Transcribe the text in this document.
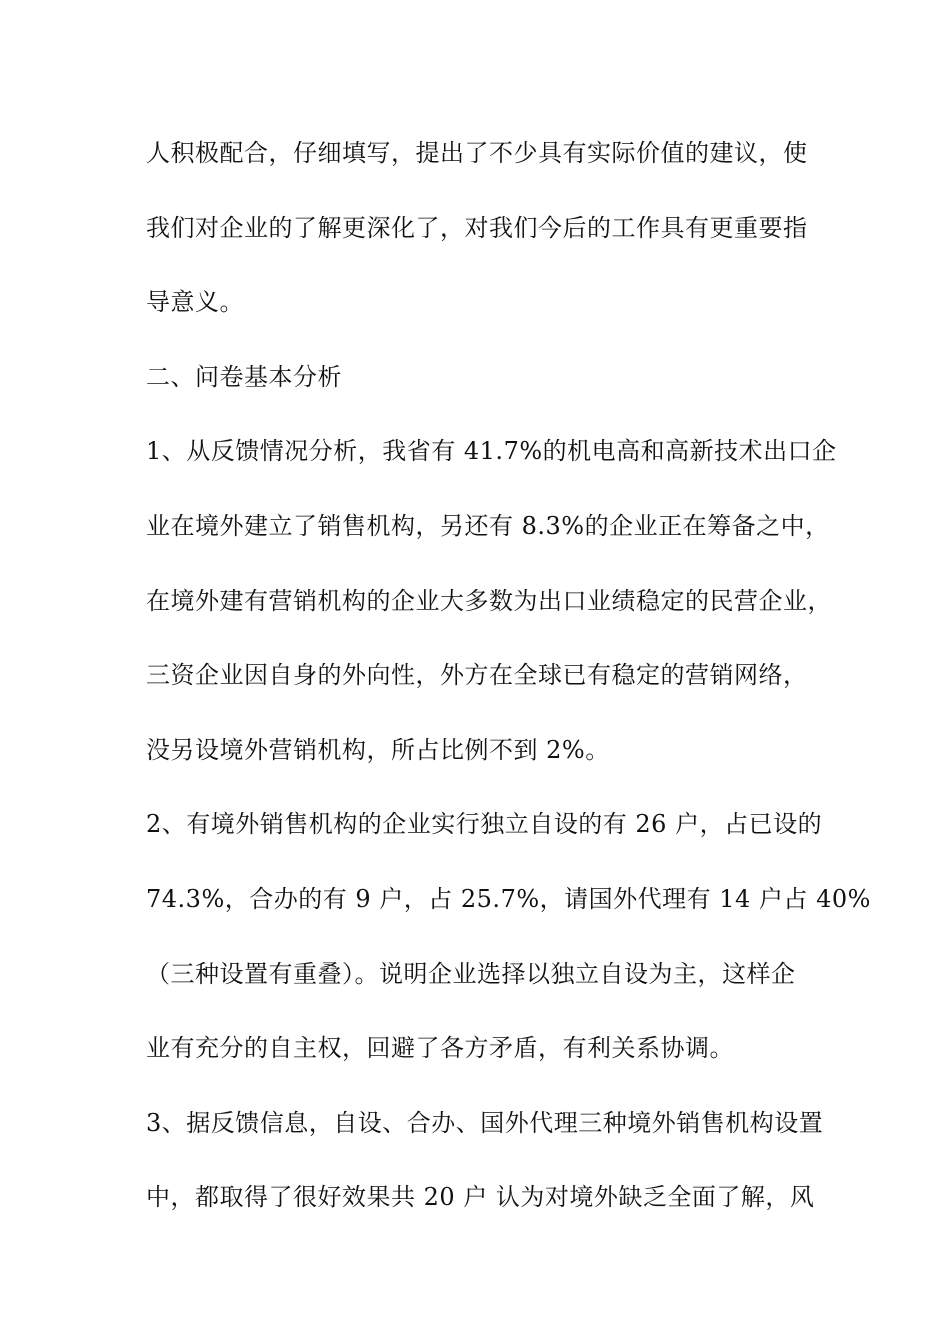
人积极配合，仔细填写，提出了不少具有实际价值的建议，使
我们对企业的了解更深化了，对我们今后的工作具有更重要指
导意义。
二、问卷基本分析
1、从反馈情况分析，我省有 41.7%的机电高和高新技术出口企
业在境外建立了销售机构，另还有 8.3%的企业正在筹备之中，
在境外建有营销机构的企业大多数为出口业绩稳定的民营企业，
三资企业因自身的外向性，外方在全球已有稳定的营销网络，
没另设境外营销机构，所占比例不到 2%。
2、有境外销售机构的企业实行独立自设的有 26 户，占已设的
74.3%，合办的有 9 户，占 25.7%，请国外代理有 14 户占 40%
（三种设置有重叠）。说明企业选择以独立自设为主，这样企
业有充分的自主权，回避了各方矛盾，有利关系协调。
3、据反馈信息，自设、合办、国外代理三种境外销售机构设置
中，都取得了很好效果共 20 户 认为对境外缺乏全面了解，风
